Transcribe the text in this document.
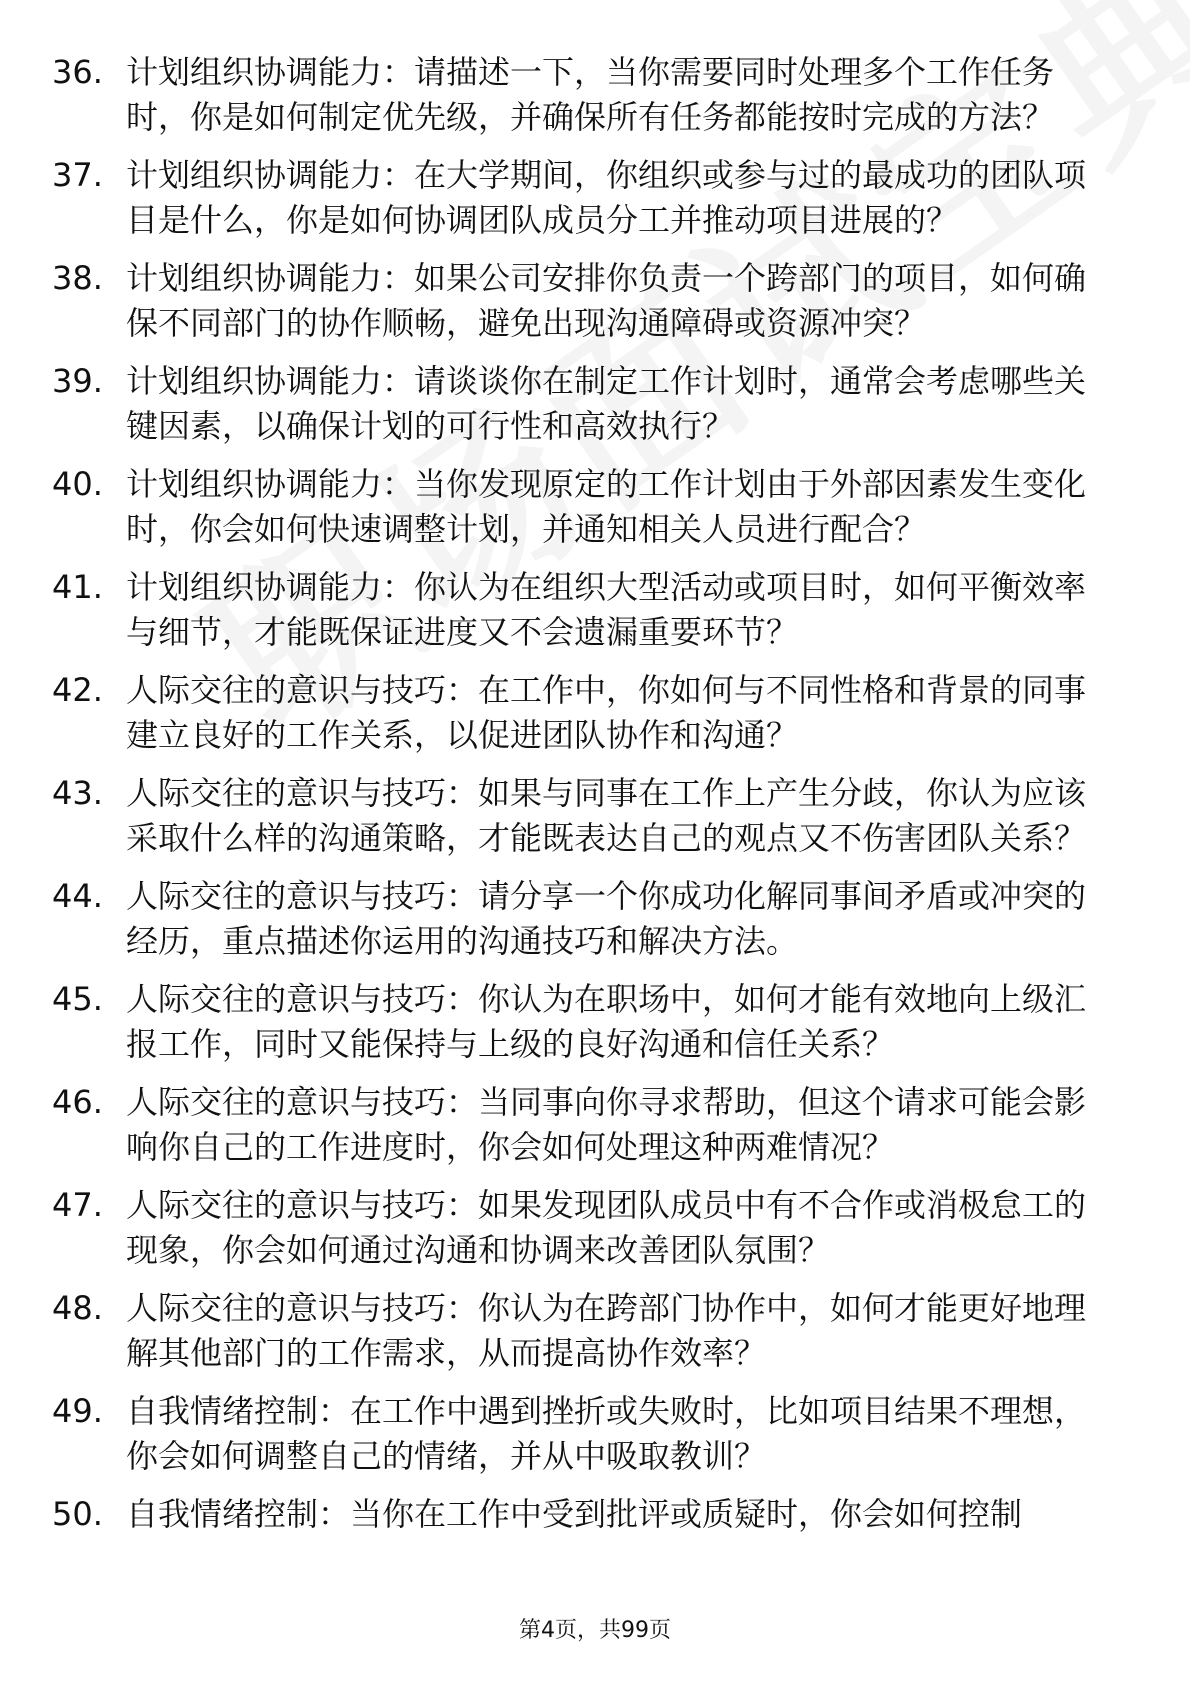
36. 计划组织协调能力：请描述一下，当你需要同时处理多个工作任务时，你是如何制定优先级，并确保所有任务都能按时完成的方法？
37. 计划组织协调能力：在大学期间，你组织或参与过的最成功的团队项目是什么，你是如何协调团队成员分工并推动项目进展的？
38. 计划组织协调能力：如果公司安排你负责一个跨部门的项目，如何确保不同部门的协作顺畅，避免出现沟通障碍或资源冲突？
39. 计划组织协调能力：请谈谈你在制定工作计划时，通常会考虑哪些关键因素，以确保计划的可行性和高效执行？
40. 计划组织协调能力：当你发现原定的工作计划由于外部因素发生变化时，你会如何快速调整计划，并通知相关人员进行配合？
41. 计划组织协调能力：你认为在组织大型活动或项目时，如何平衡效率与细节，才能既保证进度又不会遗漏重要环节？
42. 人际交往的意识与技巧：在工作中，你如何与不同性格和背景的同事建立良好的工作关系，以促进团队协作和沟通？
43. 人际交往的意识与技巧：如果与同事在工作上产生分歧，你认为应该采取什么样的沟通策略，才能既表达自己的观点又不伤害团队关系？
44. 人际交往的意识与技巧：请分享一个你成功化解同事间矛盾或冲突的经历，重点描述你运用的沟通技巧和解决方法。
45. 人际交往的意识与技巧：你认为在职场中，如何才能有效地向上级汇报工作，同时又能保持与上级的良好沟通和信任关系？
46. 人际交往的意识与技巧：当同事向你寻求帮助，但这个请求可能会影响你自己的工作进度时，你会如何处理这种两难情况？
47. 人际交往的意识与技巧：如果发现团队成员中有不合作或消极怠工的现象，你会如何通过沟通和协调来改善团队氛围？
48. 人际交往的意识与技巧：你认为在跨部门协作中，如何才能更好地理解其他部门的工作需求，从而提高协作效率？
49. 自我情绪控制：在工作中遇到挫折或失败时，比如项目结果不理想，你会如何调整自己的情绪，并从中吸取教训？
50. 自我情绪控制：当你在工作中受到批评或质疑时，你会如何控制
第4页，共99页
